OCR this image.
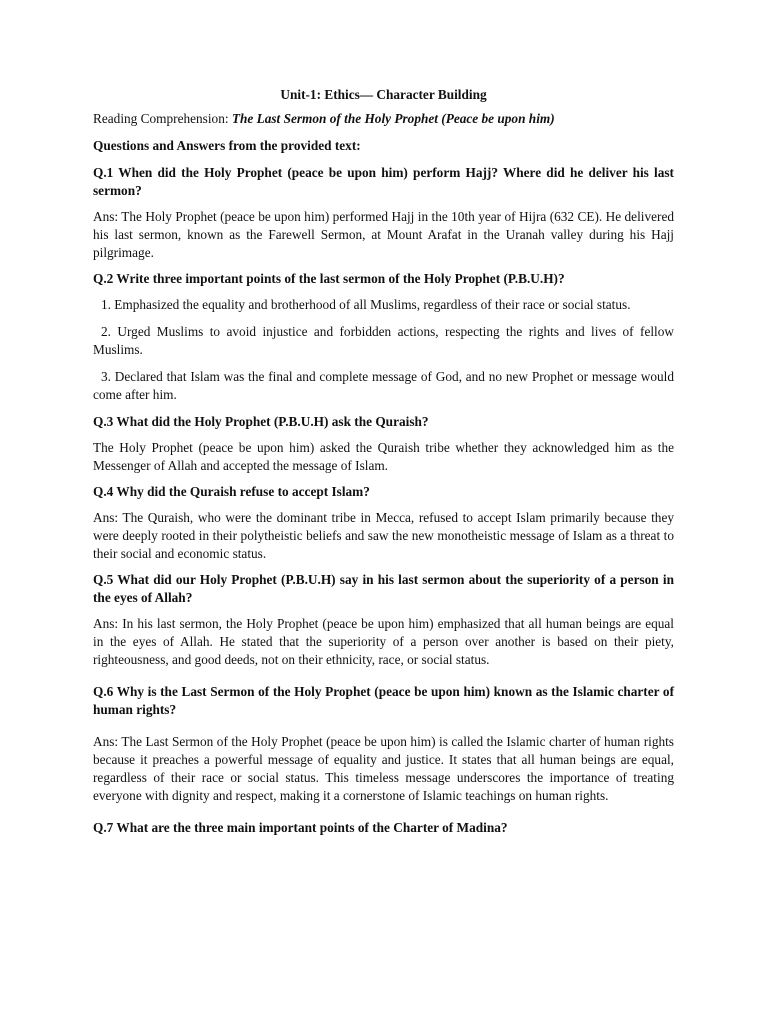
Unit-1: Ethics— Character Building

Reading Comprehension: The Last Sermon of the Holy Prophet (Peace be upon him)

Questions and Answers from the provided text:

Q.1 When did the Holy Prophet (peace be upon him) perform Hajj? Where did he deliver his last sermon?

Ans: The Holy Prophet (peace be upon him) performed Hajj in the 10th year of Hijra (632 CE). He delivered his last sermon, known as the Farewell Sermon, at Mount Arafat in the Uranah valley during his Hajj pilgrimage.

Q.2 Write three important points of the last sermon of the Holy Prophet (P.B.U.H)?

1. Emphasized the equality and brotherhood of all Muslims, regardless of their race or social status.

2. Urged Muslims to avoid injustice and forbidden actions, respecting the rights and lives of fellow Muslims.

3. Declared that Islam was the final and complete message of God, and no new Prophet or message would come after him.

Q.3 What did the Holy Prophet (P.B.U.H) ask the Quraish?

The Holy Prophet (peace be upon him) asked the Quraish tribe whether they acknowledged him as the Messenger of Allah and accepted the message of Islam.

Q.4 Why did the Quraish refuse to accept Islam?

Ans: The Quraish, who were the dominant tribe in Mecca, refused to accept Islam primarily because they were deeply rooted in their polytheistic beliefs and saw the new monotheistic message of Islam as a threat to their social and economic status.

Q.5 What did our Holy Prophet (P.B.U.H) say in his last sermon about the superiority of a person in the eyes of Allah?

Ans: In his last sermon, the Holy Prophet (peace be upon him) emphasized that all human beings are equal in the eyes of Allah. He stated that the superiority of a person over another is based on their piety, righteousness, and good deeds, not on their ethnicity, race, or social status.

Q.6 Why is the Last Sermon of the Holy Prophet (peace be upon him) known as the Islamic charter of human rights?

Ans: The Last Sermon of the Holy Prophet (peace be upon him) is called the Islamic charter of human rights because it preaches a powerful message of equality and justice. It states that all human beings are equal, regardless of their race or social status. This timeless message underscores the importance of treating everyone with dignity and respect, making it a cornerstone of Islamic teachings on human rights.

Q.7 What are the three main important points of the Charter of Madina?
